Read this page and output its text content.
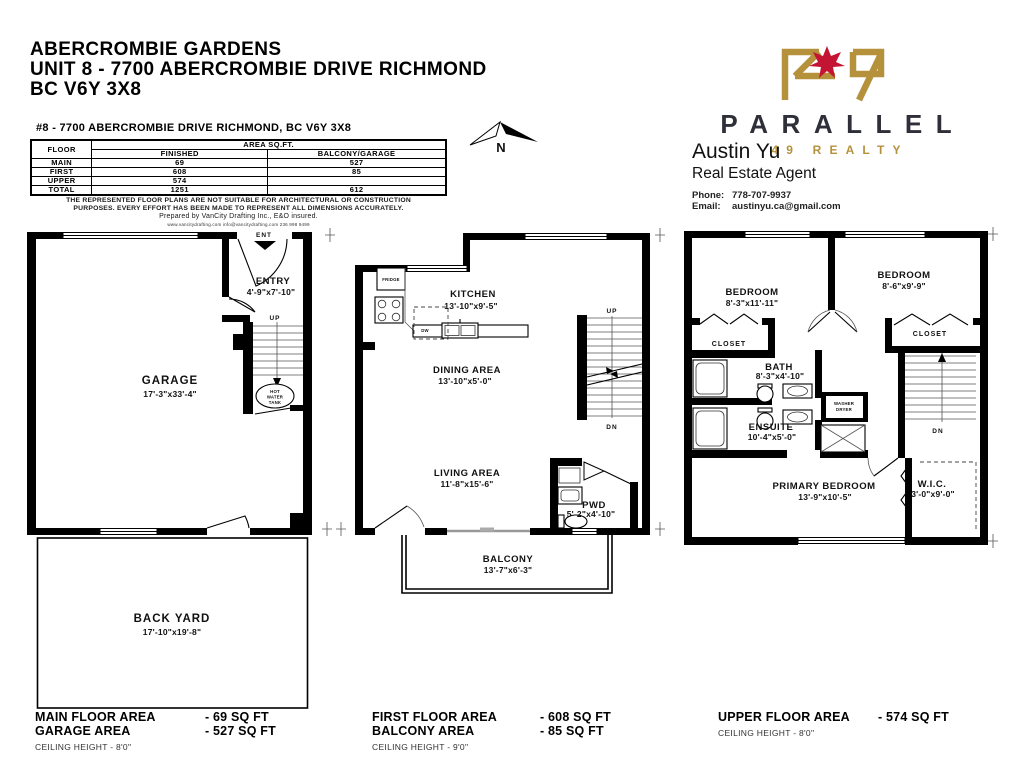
ABERCROMBIE GARDENS
UNIT 8 - 7700 ABERCROMBIE DRIVE RICHMOND
BC V6Y 3X8
#8 - 7700 ABERCROMBIE DRIVE RICHMOND, BC V6Y 3X8
FLOOR	AREA SQ.FT.	
	FINISHED	BALCONY/GARAGE
MAIN	69	527
FIRST	608	85
UPPER	574	
TOTAL	1251	612
THE REPRESENTED FLOOR PLANS ARE NOT SUITABLE FOR ARCHITECTURAL OR CONSTRUCTION
PURPOSES. EVERY EFFORT HAS BEEN MADE TO REPRESENT ALL DIMENSIONS ACCURATELY.
Prepared by VanCity Drafting Inc., E&O insured.
www.vancitydrafting.com info@vancitydrafting.com 236 998 9499
N
PARALLEL
49 REALTY
Austin Yu
Real Estate Agent
Phone: 778-707-9937
Email: austinyu.ca@gmail.com
HOT
WATER
TANK
ENT
ENTRY
4'-9"x7'-10"
UP
GARAGE
17'-3"x33'-4"
BACK YARD
17'-10"x19'-8"
FRIDGE
DW
KITCHEN
13'-10"x9'-5"
DINING AREA
13'-10"x5'-0"
LIVING AREA
11'-8"x15'-6"
PWD
5'-2"x4'-10"
BALCONY
13'-7"x6'-3"
UP
DN
BEDROOM
8'-3"x11'-11"
BEDROOM
8'-6"x9'-9"
CLOSET
CLOSET
BATH
8'-3"x4'-10"
ENSUITE
10'-4"x5'-0"
WASHER
DRYER
PRIMARY BEDROOM
13'-9"x10'-5"
W.I.C.
3'-0"x9'-0"
DN
MAIN FLOOR AREA	- 69 SQ FT
GARAGE AREA	- 527 SQ FT
CEILING HEIGHT - 8'0"
FIRST FLOOR AREA	- 608 SQ FT
BALCONY AREA	- 85 SQ FT
CEILING HEIGHT - 9'0"
UPPER FLOOR AREA	- 574 SQ FT
CEILING HEIGHT - 8'0"
